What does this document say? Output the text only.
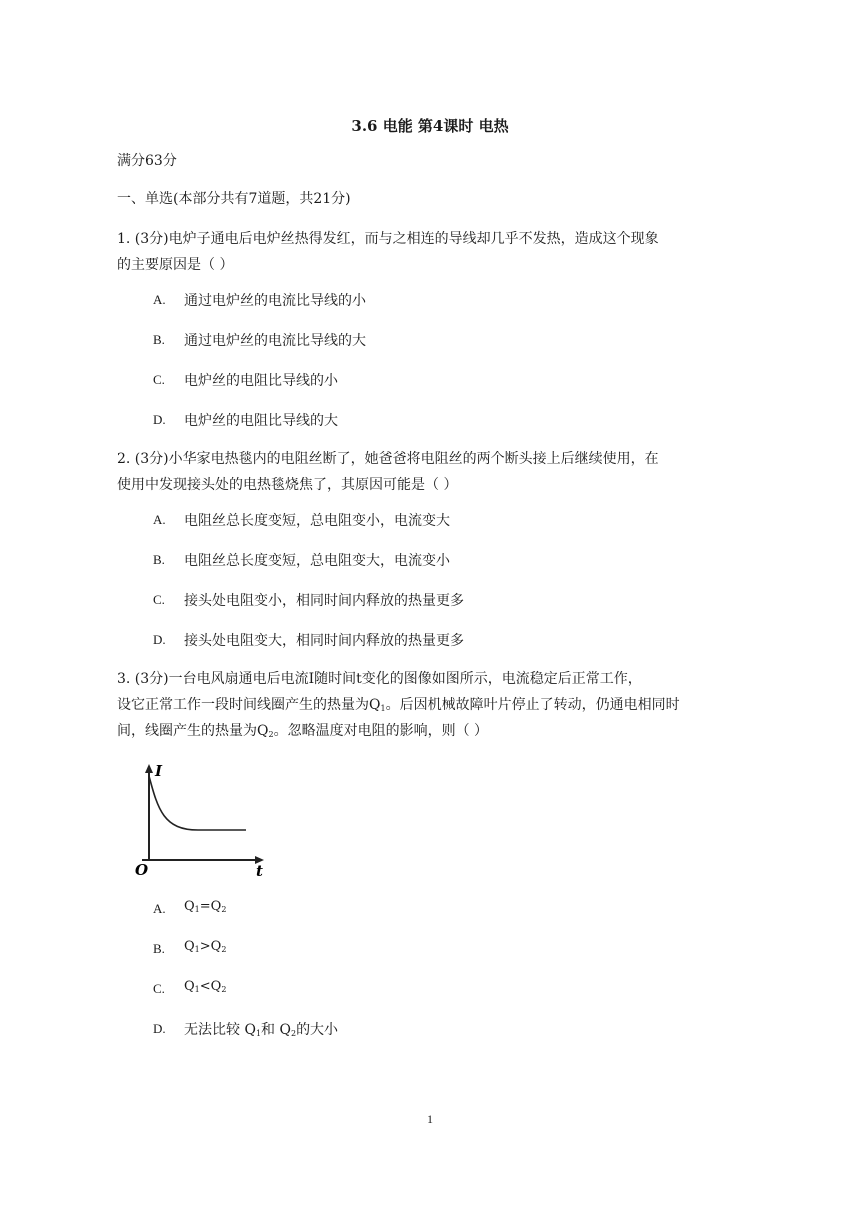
3.6 电能 第4课时 电热
满分63分
一、单选(本部分共有7道题，共21分)
1. (3分)电炉子通电后电炉丝热得发红，而与之相连的导线却几乎不发热，造成这个现象
的主要原因是（ ）
A. 通过电炉丝的电流比导线的小
B. 通过电炉丝的电流比导线的大
C. 电炉丝的电阻比导线的小
D. 电炉丝的电阻比导线的大
2. (3分)小华家电热毯内的电阻丝断了，她爸爸将电阻丝的两个断头接上后继续使用，在
使用中发现接头处的电热毯烧焦了，其原因可能是（ ）
A. 电阻丝总长度变短，总电阻变小，电流变大
B. 电阻丝总长度变短，总电阻变大，电流变小
C. 接头处电阻变小，相同时间内释放的热量更多
D. 接头处电阻变大，相同时间内释放的热量更多
3. (3分)一台电风扇通电后电流I随时间t变化的图像如图所示，电流稳定后正常工作，
设它正常工作一段时间线圈产生的热量为$Q_1$。后因机械故障叶片停止了转动，仍通电相同时
间，线圈产生的热量为$Q_2$。忽略温度对电阻的影响，则（ ）
I
t
O
A. $Q_1=Q_2$
B. $Q_1>Q_2$
C. $Q_1<Q_2$
D. 无法比较 $Q_1$和 $Q_2$的大小
1
